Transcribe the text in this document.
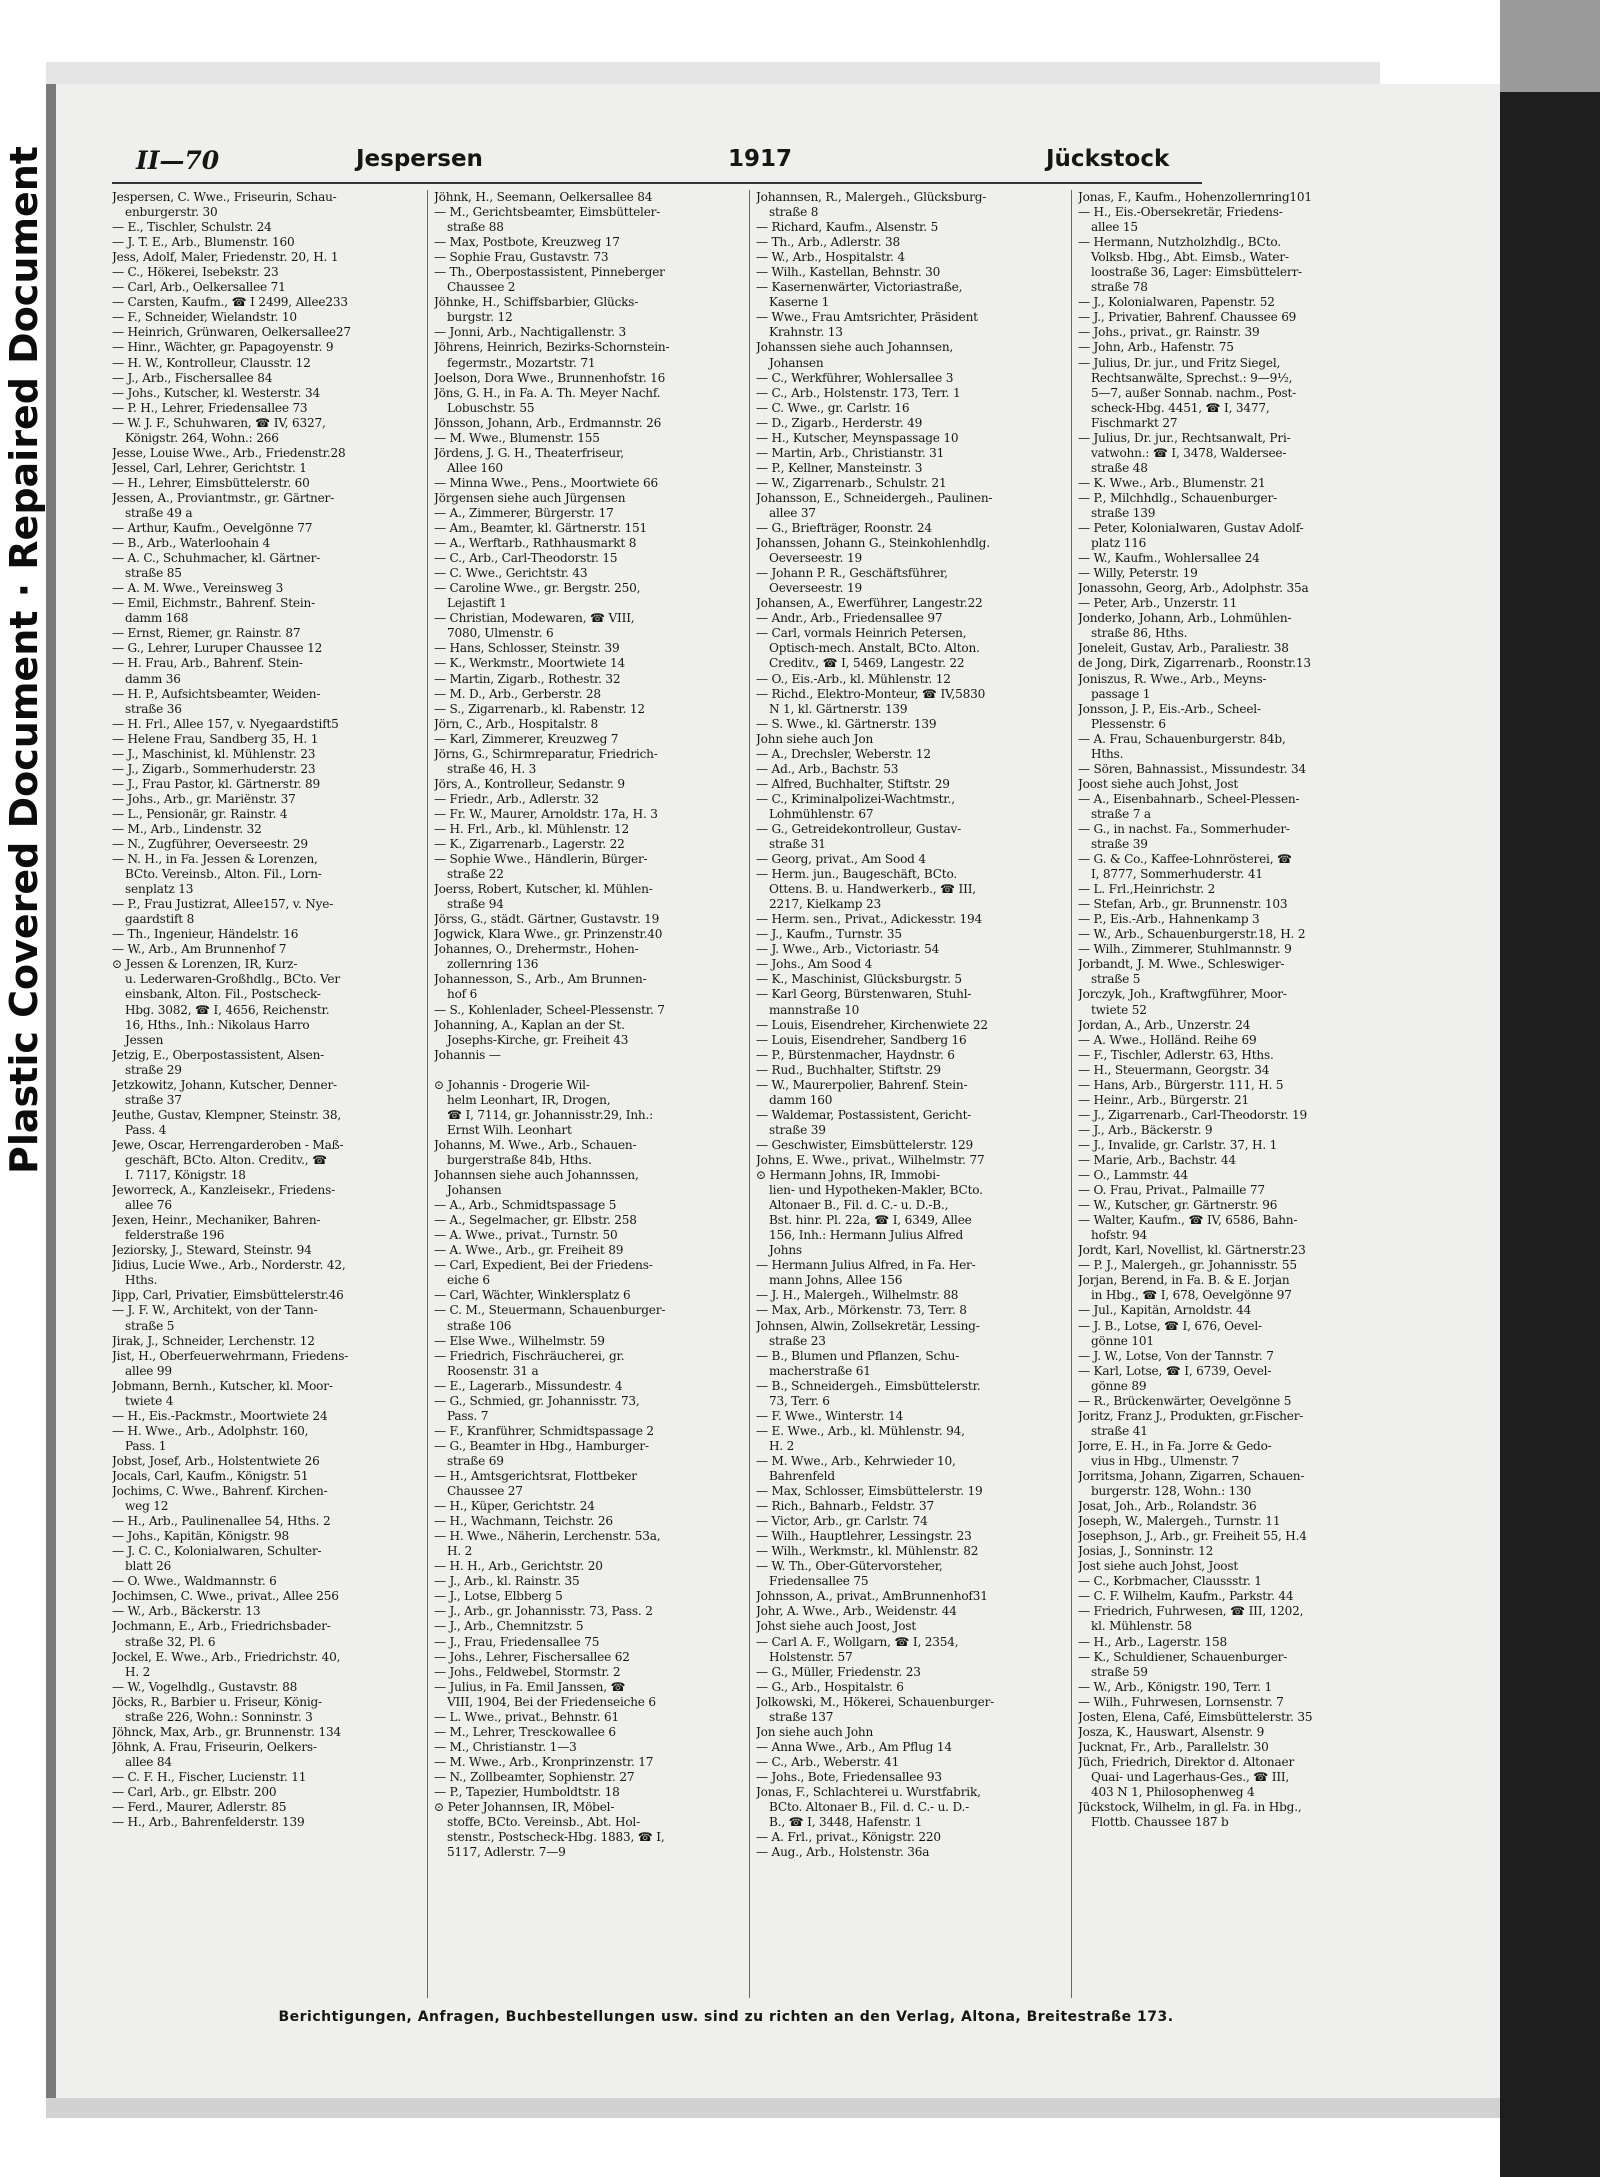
Plastic Covered Document · Repaired Document	II—70	Jespersen	1917	Jückstock
Jespersen, C. Wwe., Friseurin, Schau-
enburgerstr. 30
— E., Tischler, Schulstr. 24
— J. T. E., Arb., Blumenstr. 160
Jess, Adolf, Maler, Friedenstr. 20, H. 1
— C., Hökerei, Isebekstr. 23
— Carl, Arb., Oelkersallee 71
— Carsten, Kaufm., ☎ I 2499, Allee233
— F., Schneider, Wielandstr. 10
— Heinrich, Grünwaren, Oelkersallee27
— Hinr., Wächter, gr. Papagoyenstr. 9
— H. W., Kontrolleur, Clausstr. 12
— J., Arb., Fischersallee 84
— Johs., Kutscher, kl. Westerstr. 34
— P. H., Lehrer, Friedensallee 73
— W. J. F., Schuhwaren, ☎ IV, 6327,
Königstr. 264, Wohn.: 266
Jesse, Louise Wwe., Arb., Friedenstr.28
Jessel, Carl, Lehrer, Gerichtstr. 1
— H., Lehrer, Eimsbüttelerstr. 60
Jessen, A., Proviantmstr., gr. Gärtner-
straße 49 a
— Arthur, Kaufm., Oevelgönne 77
— B., Arb., Waterloohain 4
— A. C., Schuhmacher, kl. Gärtner-
straße 85
— A. M. Wwe., Vereinsweg 3
— Emil, Eichmstr., Bahrenf. Stein-
damm 168
— Ernst, Riemer, gr. Rainstr. 87
— G., Lehrer, Luruper Chaussee 12
— H. Frau, Arb., Bahrenf. Stein-
damm 36
— H. P., Aufsichtsbeamter, Weiden-
straße 36
— H. Frl., Allee 157, v. Nyegaardstift5
— Helene Frau, Sandberg 35, H. 1
— J., Maschinist, kl. Mühlenstr. 23
— J., Zigarb., Sommerhuderstr. 23
— J., Frau Pastor, kl. Gärtnerstr. 89
— Johs., Arb., gr. Mariënstr. 37
— L., Pensionär, gr. Rainstr. 4
— M., Arb., Lindenstr. 32
— N., Zugführer, Oeverseestr. 29
— N. H., in Fa. Jessen & Lorenzen,
BCto. Vereinsb., Alton. Fil., Lorn-
senplatz 13
— P., Frau Justizrat, Allee157, v. Nye-
gaardstift 8
— Th., Ingenieur, Händelstr. 16
— W., Arb., Am Brunnenhof 7
⊙ Jessen & Lorenzen, IR, Kurz-
u. Lederwaren-Großhdlg., BCto. Ver
einsbank, Alton. Fil., Postscheck-
Hbg. 3082, ☎ I, 4656, Reichenstr.
16, Hths., Inh.: Nikolaus Harro
Jessen
Jetzig, E., Oberpostassistent, Alsen-
straße 29
Jetzkowitz, Johann, Kutscher, Denner-
straße 37
Jeuthe, Gustav, Klempner, Steinstr. 38,
Pass. 4
Jewe, Oscar, Herrengarderoben - Maß-
geschäft, BCto. Alton. Creditv., ☎
I. 7117, Königstr. 18
Jeworreck, A., Kanzleisekr., Friedens-
allee 76
Jexen, Heinr., Mechaniker, Bahren-
felderstraße 196
Jeziorsky, J., Steward, Steinstr. 94
Jidius, Lucie Wwe., Arb., Norderstr. 42,
Hths.
Jipp, Carl, Privatier, Eimsbüttelerstr.46
— J. F. W., Architekt, von der Tann-
straße 5
Jirak, J., Schneider, Lerchenstr. 12
Jist, H., Oberfeuerwehrmann, Friedens-
allee 99
Jobmann, Bernh., Kutscher, kl. Moor-
twiete 4
— H., Eis.-Packmstr., Moortwiete 24
— H. Wwe., Arb., Adolphstr. 160,
Pass. 1
Jobst, Josef, Arb., Holstentwiete 26
Jocals, Carl, Kaufm., Königstr. 51
Jochims, C. Wwe., Bahrenf. Kirchen-
weg 12
— H., Arb., Paulinenallee 54, Hths. 2
— Johs., Kapitän, Königstr. 98
— J. C. C., Kolonialwaren, Schulter-
blatt 26
— O. Wwe., Waldmannstr. 6
Jochimsen, C. Wwe., privat., Allee 256
— W., Arb., Bäckerstr. 13
Jochmann, E., Arb., Friedrichsbader-
straße 32, Pl. 6
Jockel, E. Wwe., Arb., Friedrichstr. 40,
H. 2
— W., Vogelhdlg., Gustavstr. 88
Jöcks, R., Barbier u. Friseur, König-
straße 226, Wohn.: Sonninstr. 3
Jöhnck, Max, Arb., gr. Brunnenstr. 134
Jöhnk, A. Frau, Friseurin, Oelkers-
allee 84
— C. F. H., Fischer, Lucienstr. 11
— Carl, Arb., gr. Elbstr. 200
— Ferd., Maurer, Adlerstr. 85
— H., Arb., Bahrenfelderstr. 139
Jöhnk, H., Seemann, Oelkersallee 84
— M., Gerichtsbeamter, Eimsbütteler-
straße 88
— Max, Postbote, Kreuzweg 17
— Sophie Frau, Gustavstr. 73
— Th., Oberpostassistent, Pinneberger
Chaussee 2
Jöhnke, H., Schiffsbarbier, Glücks-
burgstr. 12
— Jonni, Arb., Nachtigallenstr. 3
Jöhrens, Heinrich, Bezirks-Schornstein-
fegermstr., Mozartstr. 71
Joelson, Dora Wwe., Brunnenhofstr. 16
Jöns, G. H., in Fa. A. Th. Meyer Nachf.
Lobuschstr. 55
Jönsson, Johann, Arb., Erdmannstr. 26
— M. Wwe., Blumenstr. 155
Jördens, J. G. H., Theaterfriseur,
Allee 160
— Minna Wwe., Pens., Moortwiete 66
Jörgensen siehe auch Jürgensen
— A., Zimmerer, Bürgerstr. 17
— Am., Beamter, kl. Gärtnerstr. 151
— A., Werftarb., Rathhausmarkt 8
— C., Arb., Carl-Theodorstr. 15
— C. Wwe., Gerichtstr. 43
— Caroline Wwe., gr. Bergstr. 250,
Lejastift 1
— Christian, Modewaren, ☎ VIII,
7080, Ulmenstr. 6
— Hans, Schlosser, Steinstr. 39
— K., Werkmstr., Moortwiete 14
— Martin, Zigarb., Rothestr. 32
— M. D., Arb., Gerberstr. 28
— S., Zigarrenarb., kl. Rabenstr. 12
Jörn, C., Arb., Hospitalstr. 8
— Karl, Zimmerer, Kreuzweg 7
Jörns, G., Schirmreparatur, Friedrich-
straße 46, H. 3
Jörs, A., Kontrolleur, Sedanstr. 9
— Friedr., Arb., Adlerstr. 32
— Fr. W., Maurer, Arnoldstr. 17a, H. 3
— H. Frl., Arb., kl. Mühlenstr. 12
— K., Zigarrenarb., Lagerstr. 22
— Sophie Wwe., Händlerin, Bürger-
straße 22
Joerss, Robert, Kutscher, kl. Mühlen-
straße 94
Jörss, G., städt. Gärtner, Gustavstr. 19
Jogwick, Klara Wwe., gr. Prinzenstr.40
Johannes, O., Drehermstr., Hohen-
zollernring 136
Johannesson, S., Arb., Am Brunnen-
hof 6
— S., Kohlenlader, Scheel-Plessenstr. 7
Johanning, A., Kaplan an der St.
Josephs-Kirche, gr. Freiheit 43
Johannis —

⊙ Johannis - Drogerie Wil-
helm Leonhart, IR, Drogen,
☎ I, 7114, gr. Johannisstr.29, Inh.:
Ernst Wilh. Leonhart
Johanns, M. Wwe., Arb., Schauen-
burgerstraße 84b, Hths.
Johannsen siehe auch Johannssen,
Johansen
— A., Arb., Schmidtspassage 5
— A., Segelmacher, gr. Elbstr. 258
— A. Wwe., privat., Turnstr. 50
— A. Wwe., Arb., gr. Freiheit 89
— Carl, Expedient, Bei der Friedens-
eiche 6
— Carl, Wächter, Winklersplatz 6
— C. M., Steuermann, Schauenburger-
straße 106
— Else Wwe., Wilhelmstr. 59
— Friedrich, Fischräucherei, gr.
Roosenstr. 31 a
— E., Lagerarb., Missundestr. 4
— G., Schmied, gr. Johannisstr. 73,
Pass. 7
— F., Kranführer, Schmidtspassage 2
— G., Beamter in Hbg., Hamburger-
straße 69
— H., Amtsgerichtsrat, Flottbeker
Chaussee 27
— H., Küper, Gerichtstr. 24
— H., Wachmann, Teichstr. 26
— H. Wwe., Näherin, Lerchenstr. 53a,
H. 2
— H. H., Arb., Gerichtstr. 20
— J., Arb., kl. Rainstr. 35
— J., Lotse, Elbberg 5
— J., Arb., gr. Johannisstr. 73, Pass. 2
— J., Arb., Chemnitzstr. 5
— J., Frau, Friedensallee 75
— Johs., Lehrer, Fischersallee 62
— Johs., Feldwebel, Stormstr. 2
— Julius, in Fa. Emil Janssen, ☎
VIII, 1904, Bei der Friedenseiche 6
— L. Wwe., privat., Behnstr. 61
— M., Lehrer, Tresckowallee 6
— M., Christianstr. 1—3
— M. Wwe., Arb., Kronprinzenstr. 17
— N., Zollbeamter, Sophienstr. 27
— P., Tapezier, Humboldtstr. 18
⊙ Peter Johannsen, IR, Möbel-
stoffe, BCto. Vereinsb., Abt. Hol-
stenstr., Postscheck-Hbg. 1883, ☎ I,
5117, Adlerstr. 7—9
Johannsen, R., Malergeh., Glücksburg-
straße 8
— Richard, Kaufm., Alsenstr. 5
— Th., Arb., Adlerstr. 38
— W., Arb., Hospitalstr. 4
— Wilh., Kastellan, Behnstr. 30
— Kasernenwärter, Victoriastraße,
Kaserne 1
— Wwe., Frau Amtsrichter, Präsident
Krahnstr. 13
Johanssen siehe auch Johannsen,
Johansen
— C., Werkführer, Wohlersallee 3
— C., Arb., Holstenstr. 173, Terr. 1
— C. Wwe., gr. Carlstr. 16
— D., Zigarb., Herderstr. 49
— H., Kutscher, Meynspassage 10
— Martin, Arb., Christianstr. 31
— P., Kellner, Mansteinstr. 3
— W., Zigarrenarb., Schulstr. 21
Johansson, E., Schneidergeh., Paulinen-
allee 37
— G., Briefträger, Roonstr. 24
Johanssen, Johann G., Steinkohlenhdlg.
Oeverseestr. 19
— Johann P. R., Geschäftsführer,
Oeverseestr. 19
Johansen, A., Ewerführer, Langestr.22
— Andr., Arb., Friedensallee 97
— Carl, vormals Heinrich Petersen,
Optisch-mech. Anstalt, BCto. Alton.
Creditv., ☎ I, 5469, Langestr. 22
— O., Eis.-Arb., kl. Mühlenstr. 12
— Richd., Elektro-Monteur, ☎ IV,5830
N 1, kl. Gärtnerstr. 139
— S. Wwe., kl. Gärtnerstr. 139
John siehe auch Jon
— A., Drechsler, Weberstr. 12
— Ad., Arb., Bachstr. 53
— Alfred, Buchhalter, Stiftstr. 29
— C., Kriminalpolizei-Wachtmstr.,
Lohmühlenstr. 67
— G., Getreidekontrolleur, Gustav-
straße 31
— Georg, privat., Am Sood 4
— Herm. jun., Baugeschäft, BCto.
Ottens. B. u. Handwerkerb., ☎ III,
2217, Kielkamp 23
— Herm. sen., Privat., Adickesstr. 194
— J., Kaufm., Turnstr. 35
— J. Wwe., Arb., Victoriastr. 54
— Johs., Am Sood 4
— K., Maschinist, Glücksburgstr. 5
— Karl Georg, Bürstenwaren, Stuhl-
mannstraße 10
— Louis, Eisendreher, Kirchenwiete 22
— Louis, Eisendreher, Sandberg 16
— P., Bürstenmacher, Haydnstr. 6
— Rud., Buchhalter, Stiftstr. 29
— W., Maurerpolier, Bahrenf. Stein-
damm 160
— Waldemar, Postassistent, Gericht-
straße 39
— Geschwister, Eimsbüttelerstr. 129
Johns, E. Wwe., privat., Wilhelmstr. 77
⊙ Hermann Johns, IR, Immobi-
lien- und Hypotheken-Makler, BCto.
Altonaer B., Fil. d. C.- u. D.-B.,
Bst. hinr. Pl. 22a, ☎ I, 6349, Allee
156, Inh.: Hermann Julius Alfred
Johns
— Hermann Julius Alfred, in Fa. Her-
mann Johns, Allee 156
— J. H., Malergeh., Wilhelmstr. 88
— Max, Arb., Mörkenstr. 73, Terr. 8
Johnsen, Alwin, Zollsekretär, Lessing-
straße 23
— B., Blumen und Pflanzen, Schu-
macherstraße 61
— B., Schneidergeh., Eimsbüttelerstr.
73, Terr. 6
— F. Wwe., Winterstr. 14
— E. Wwe., Arb., kl. Mühlenstr. 94,
H. 2
— M. Wwe., Arb., Kehrwieder 10,
Bahrenfeld
— Max, Schlosser, Eimsbüttelerstr. 19
— Rich., Bahnarb., Feldstr. 37
— Victor, Arb., gr. Carlstr. 74
— Wilh., Hauptlehrer, Lessingstr. 23
— Wilh., Werkmstr., kl. Mühlenstr. 82
— W. Th., Ober-Gütervorsteher,
Friedensallee 75
Johnsson, A., privat., AmBrunnenhof31
Johr, A. Wwe., Arb., Weidenstr. 44
Johst siehe auch Joost, Jost
— Carl A. F., Wollgarn, ☎ I, 2354,
Holstenstr. 57
— G., Müller, Friedenstr. 23
— G., Arb., Hospitalstr. 6
Jolkowski, M., Hökerei, Schauenburger-
straße 137
Jon siehe auch John
— Anna Wwe., Arb., Am Pflug 14
— C., Arb., Weberstr. 41
— Johs., Bote, Friedensallee 93
Jonas, F., Schlachterei u. Wurstfabrik,
BCto. Altonaer B., Fil. d. C.- u. D.-
B., ☎ I, 3448, Hafenstr. 1
— A. Frl., privat., Königstr. 220
— Aug., Arb., Holstenstr. 36a
Jonas, F., Kaufm., Hohenzollernring101
— H., Eis.-Obersekretär, Friedens-
allee 15
— Hermann, Nutzholzhdlg., BCto.
Volksb. Hbg., Abt. Eimsb., Water-
loostraße 36, Lager: Eimsbüttelerr-
straße 78
— J., Kolonialwaren, Papenstr. 52
— J., Privatier, Bahrenf. Chaussee 69
— Johs., privat., gr. Rainstr. 39
— John, Arb., Hafenstr. 75
— Julius, Dr. jur., und Fritz Siegel,
Rechtsanwälte, Sprechst.: 9—9½,
5—7, außer Sonnab. nachm., Post-
scheck-Hbg. 4451, ☎ I, 3477,
Fischmarkt 27
— Julius, Dr. jur., Rechtsanwalt, Pri-
vatwohn.: ☎ I, 3478, Waldersee-
straße 48
— K. Wwe., Arb., Blumenstr. 21
— P., Milchhdlg., Schauenburger-
straße 139
— Peter, Kolonialwaren, Gustav Adolf-
platz 116
— W., Kaufm., Wohlersallee 24
— Willy, Peterstr. 19
Jonassohn, Georg, Arb., Adolphstr. 35a
— Peter, Arb., Unzerstr. 11
Jonderko, Johann, Arb., Lohmühlen-
straße 86, Hths.
Joneleit, Gustav, Arb., Paraliestr. 38
de Jong, Dirk, Zigarrenarb., Roonstr.13
Joniszus, R. Wwe., Arb., Meyns-
passage 1
Jonsson, J. P., Eis.-Arb., Scheel-
Plessenstr. 6
— A. Frau, Schauenburgerstr. 84b,
Hths.
— Sören, Bahnassist., Missundestr. 34
Joost siehe auch Johst, Jost
— A., Eisenbahnarb., Scheel-Plessen-
straße 7 a
— G., in nachst. Fa., Sommerhuder-
straße 39
— G. & Co., Kaffee-Lohnrösterei, ☎
I, 8777, Sommerhuderstr. 41
— L. Frl.,Heinrichstr. 2
— Stefan, Arb., gr. Brunnenstr. 103
— P., Eis.-Arb., Hahnenkamp 3
— W., Arb., Schauenburgerstr.18, H. 2
— Wilh., Zimmerer, Stuhlmannstr. 9
Jorbandt, J. M. Wwe., Schleswiger-
straße 5
Jorczyk, Joh., Kraftwgführer, Moor-
twiete 52
Jordan, A., Arb., Unzerstr. 24
— A. Wwe., Holländ. Reihe 69
— F., Tischler, Adlerstr. 63, Hths.
— H., Steuermann, Georgstr. 34
— Hans, Arb., Bürgerstr. 111, H. 5
— Heinr., Arb., Bürgerstr. 21
— J., Zigarrenarb., Carl-Theodorstr. 19
— J., Arb., Bäckerstr. 9
— J., Invalide, gr. Carlstr. 37, H. 1
— Marie, Arb., Bachstr. 44
— O., Lammstr. 44
— O. Frau, Privat., Palmaille 77
— W., Kutscher, gr. Gärtnerstr. 96
— Walter, Kaufm., ☎ IV, 6586, Bahn-
hofstr. 94
Jordt, Karl, Novellist, kl. Gärtnerstr.23
— P. J., Malergeh., gr. Johannisstr. 55
Jorjan, Berend, in Fa. B. & E. Jorjan
in Hbg., ☎ I, 678, Oevelgönne 97
— Jul., Kapitän, Arnoldstr. 44
— J. B., Lotse, ☎ I, 676, Oevel-
gönne 101
— J. W., Lotse, Von der Tannstr. 7
— Karl, Lotse, ☎ I, 6739, Oevel-
gönne 89
— R., Brückenwärter, Oevelgönne 5
Joritz, Franz J., Produkten, gr.Fischer-
straße 41
Jorre, E. H., in Fa. Jorre & Gedo-
vius in Hbg., Ulmenstr. 7
Jorritsma, Johann, Zigarren, Schauen-
burgerstr. 128, Wohn.: 130
Josat, Joh., Arb., Rolandstr. 36
Joseph, W., Malergeh., Turnstr. 11
Josephson, J., Arb., gr. Freiheit 55, H.4
Josias, J., Sonninstr. 12
Jost siehe auch Johst, Joost
— C., Korbmacher, Claussstr. 1
— C. F. Wilhelm, Kaufm., Parkstr. 44
— Friedrich, Fuhrwesen, ☎ III, 1202,
kl. Mühlenstr. 58
— H., Arb., Lagerstr. 158
— K., Schuldiener, Schauenburger-
straße 59
— W., Arb., Königstr. 190, Terr. 1
— Wilh., Fuhrwesen, Lornsenstr. 7
Josten, Elena, Café, Eimsbüttelerstr. 35
Josza, K., Hauswart, Alsenstr. 9
Jucknat, Fr., Arb., Parallelstr. 30
Jüch, Friedrich, Direktor d. Altonaer
Quai- und Lagerhaus-Ges., ☎ III,
403 N 1, Philosophenweg 4
Jückstock, Wilhelm, in gl. Fa. in Hbg.,
Flottb. Chaussee 187 b
Berichtigungen, Anfragen, Buchbestellungen usw. sind zu richten an den Verlag, Altona, Breitestraße 173.
